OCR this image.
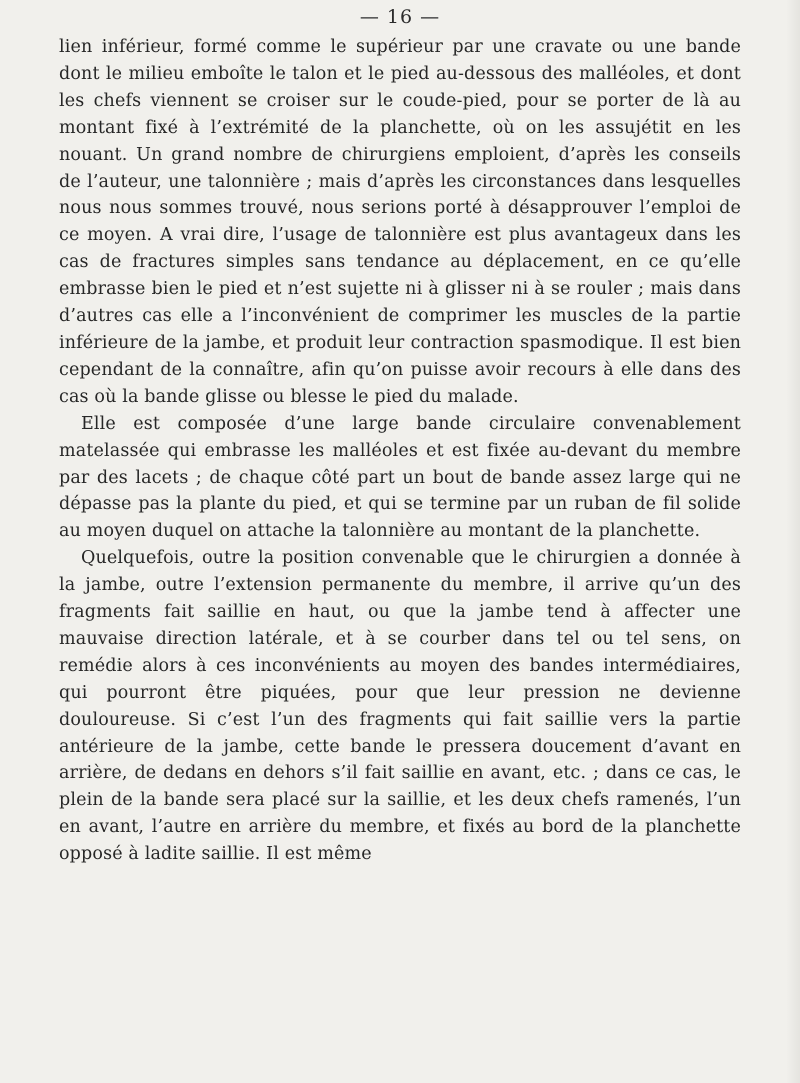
— 16 —

lien inférieur, formé comme le supérieur par une cravate ou une bande dont le milieu emboîte le talon et le pied au-dessous des malléoles, et dont les chefs viennent se croiser sur le coude-pied, pour se porter de là au montant fixé à l’extrémité de la planchette, où on les assujétit en les nouant. Un grand nombre de chirurgiens emploient, d’après les conseils de l’auteur, une talonnière ; mais d’après les circonstances dans lesquelles nous nous sommes trouvé, nous serions porté à désapprouver l’emploi de ce moyen. A vrai dire, l’usage de talonnière est plus avantageux dans les cas de fractures simples sans tendance au déplacement, en ce qu’elle embrasse bien le pied et n’est sujette ni à glisser ni à se rouler ; mais dans d’autres cas elle a l’inconvénient de comprimer les muscles de la partie inférieure de la jambe, et produit leur contraction spasmodique. Il est bien cependant de la connaître, afin qu’on puisse avoir recours à elle dans des cas où la bande glisse ou blesse le pied du malade.

Elle est composée d’une large bande circulaire convenablement matelassée qui embrasse les malléoles et est fixée au-devant du membre par des lacets ; de chaque côté part un bout de bande assez large qui ne dépasse pas la plante du pied, et qui se termine par un ruban de fil solide au moyen duquel on attache la talonnière au montant de la planchette.

Quelquefois, outre la position convenable que le chirurgien a donnée à la jambe, outre l’extension permanente du membre, il arrive qu’un des fragments fait saillie en haut, ou que la jambe tend à affecter une mauvaise direction latérale, et à se courber dans tel ou tel sens, on remédie alors à ces inconvénients au moyen des bandes intermédiaires, qui pourront être piquées, pour que leur pression ne devienne douloureuse. Si c’est l’un des fragments qui fait saillie vers la partie antérieure de la jambe, cette bande le pressera doucement d’avant en arrière, de dedans en dehors s’il fait saillie en avant, etc. ; dans ce cas, le plein de la bande sera placé sur la saillie, et les deux chefs ramenés, l’un en avant, l’autre en arrière du membre, et fixés au bord de la planchette opposé à ladite saillie. Il est même
